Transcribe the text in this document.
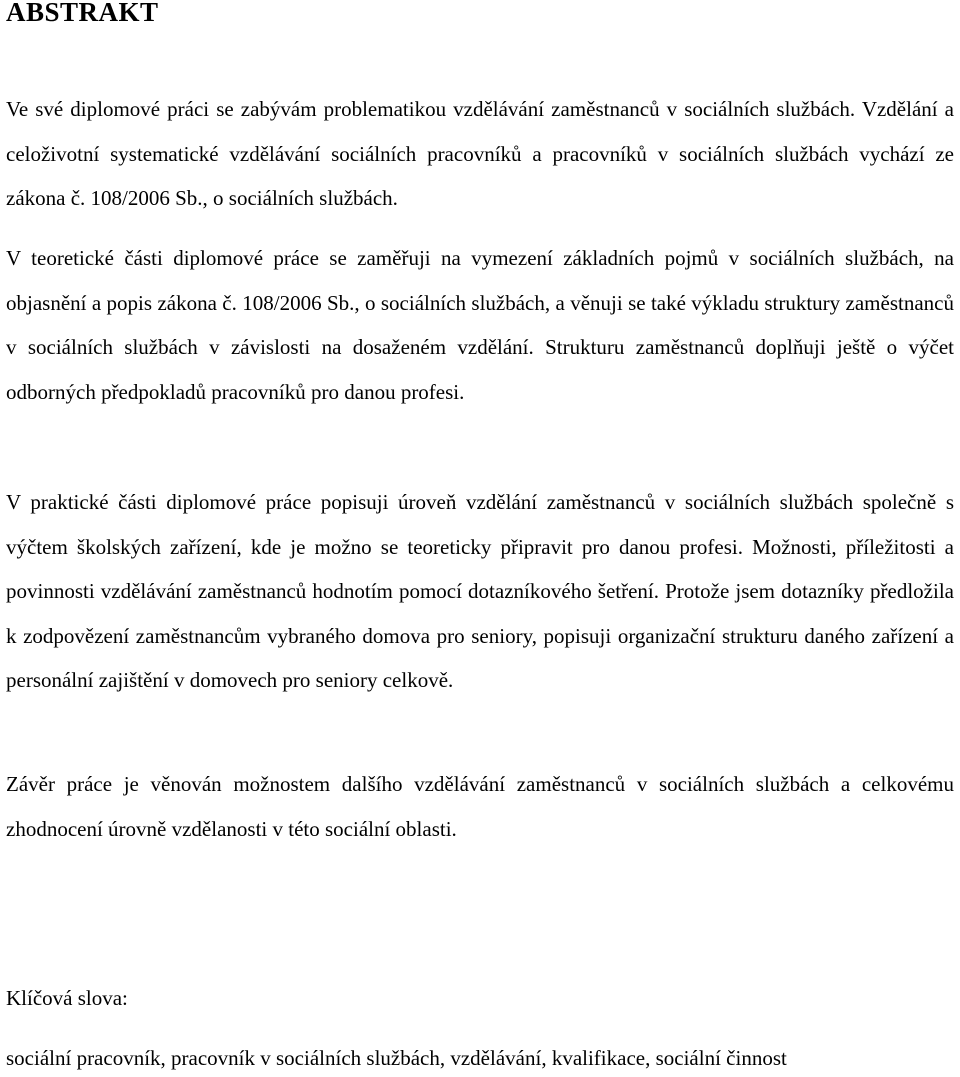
ABSTRAKT

Ve své diplomové práci se zabývám problematikou vzdělávání zaměstnanců v sociálních službách. Vzdělání a celoživotní systematické vzdělávání sociálních pracovníků a pracovníků v sociálních službách vychází ze zákona č. 108/2006 Sb., o sociálních službách.

V teoretické části diplomové práce se zaměřuji na vymezení základních pojmů v sociálních službách, na objasnění a popis zákona č. 108/2006 Sb., o sociálních službách, a věnuji se také výkladu struktury zaměstnanců v sociálních službách v závislosti na dosaženém vzdělání. Strukturu zaměstnanců doplňuji ještě o výčet odborných předpokladů pracovníků pro danou profesi.

V praktické části diplomové práce popisuji úroveň vzdělání zaměstnanců v sociálních službách společně s výčtem školských zařízení, kde je možno se teoreticky připravit pro danou profesi. Možnosti, příležitosti a povinnosti vzdělávání zaměstnanců hodnotím pomocí dotazníkového šetření. Protože jsem dotazníky předložila k zodpovězení zaměstnancům vybraného domova pro seniory, popisuji organizační strukturu daného zařízení a personální zajištění v domovech pro seniory celkově.

Závěr práce je věnován možnostem dalšího vzdělávání zaměstnanců v sociálních službách a celkovému zhodnocení úrovně vzdělanosti v této sociální oblasti.

Klíčová slova:

sociální pracovník, pracovník v sociálních službách, vzdělávání, kvalifikace, sociální činnost
